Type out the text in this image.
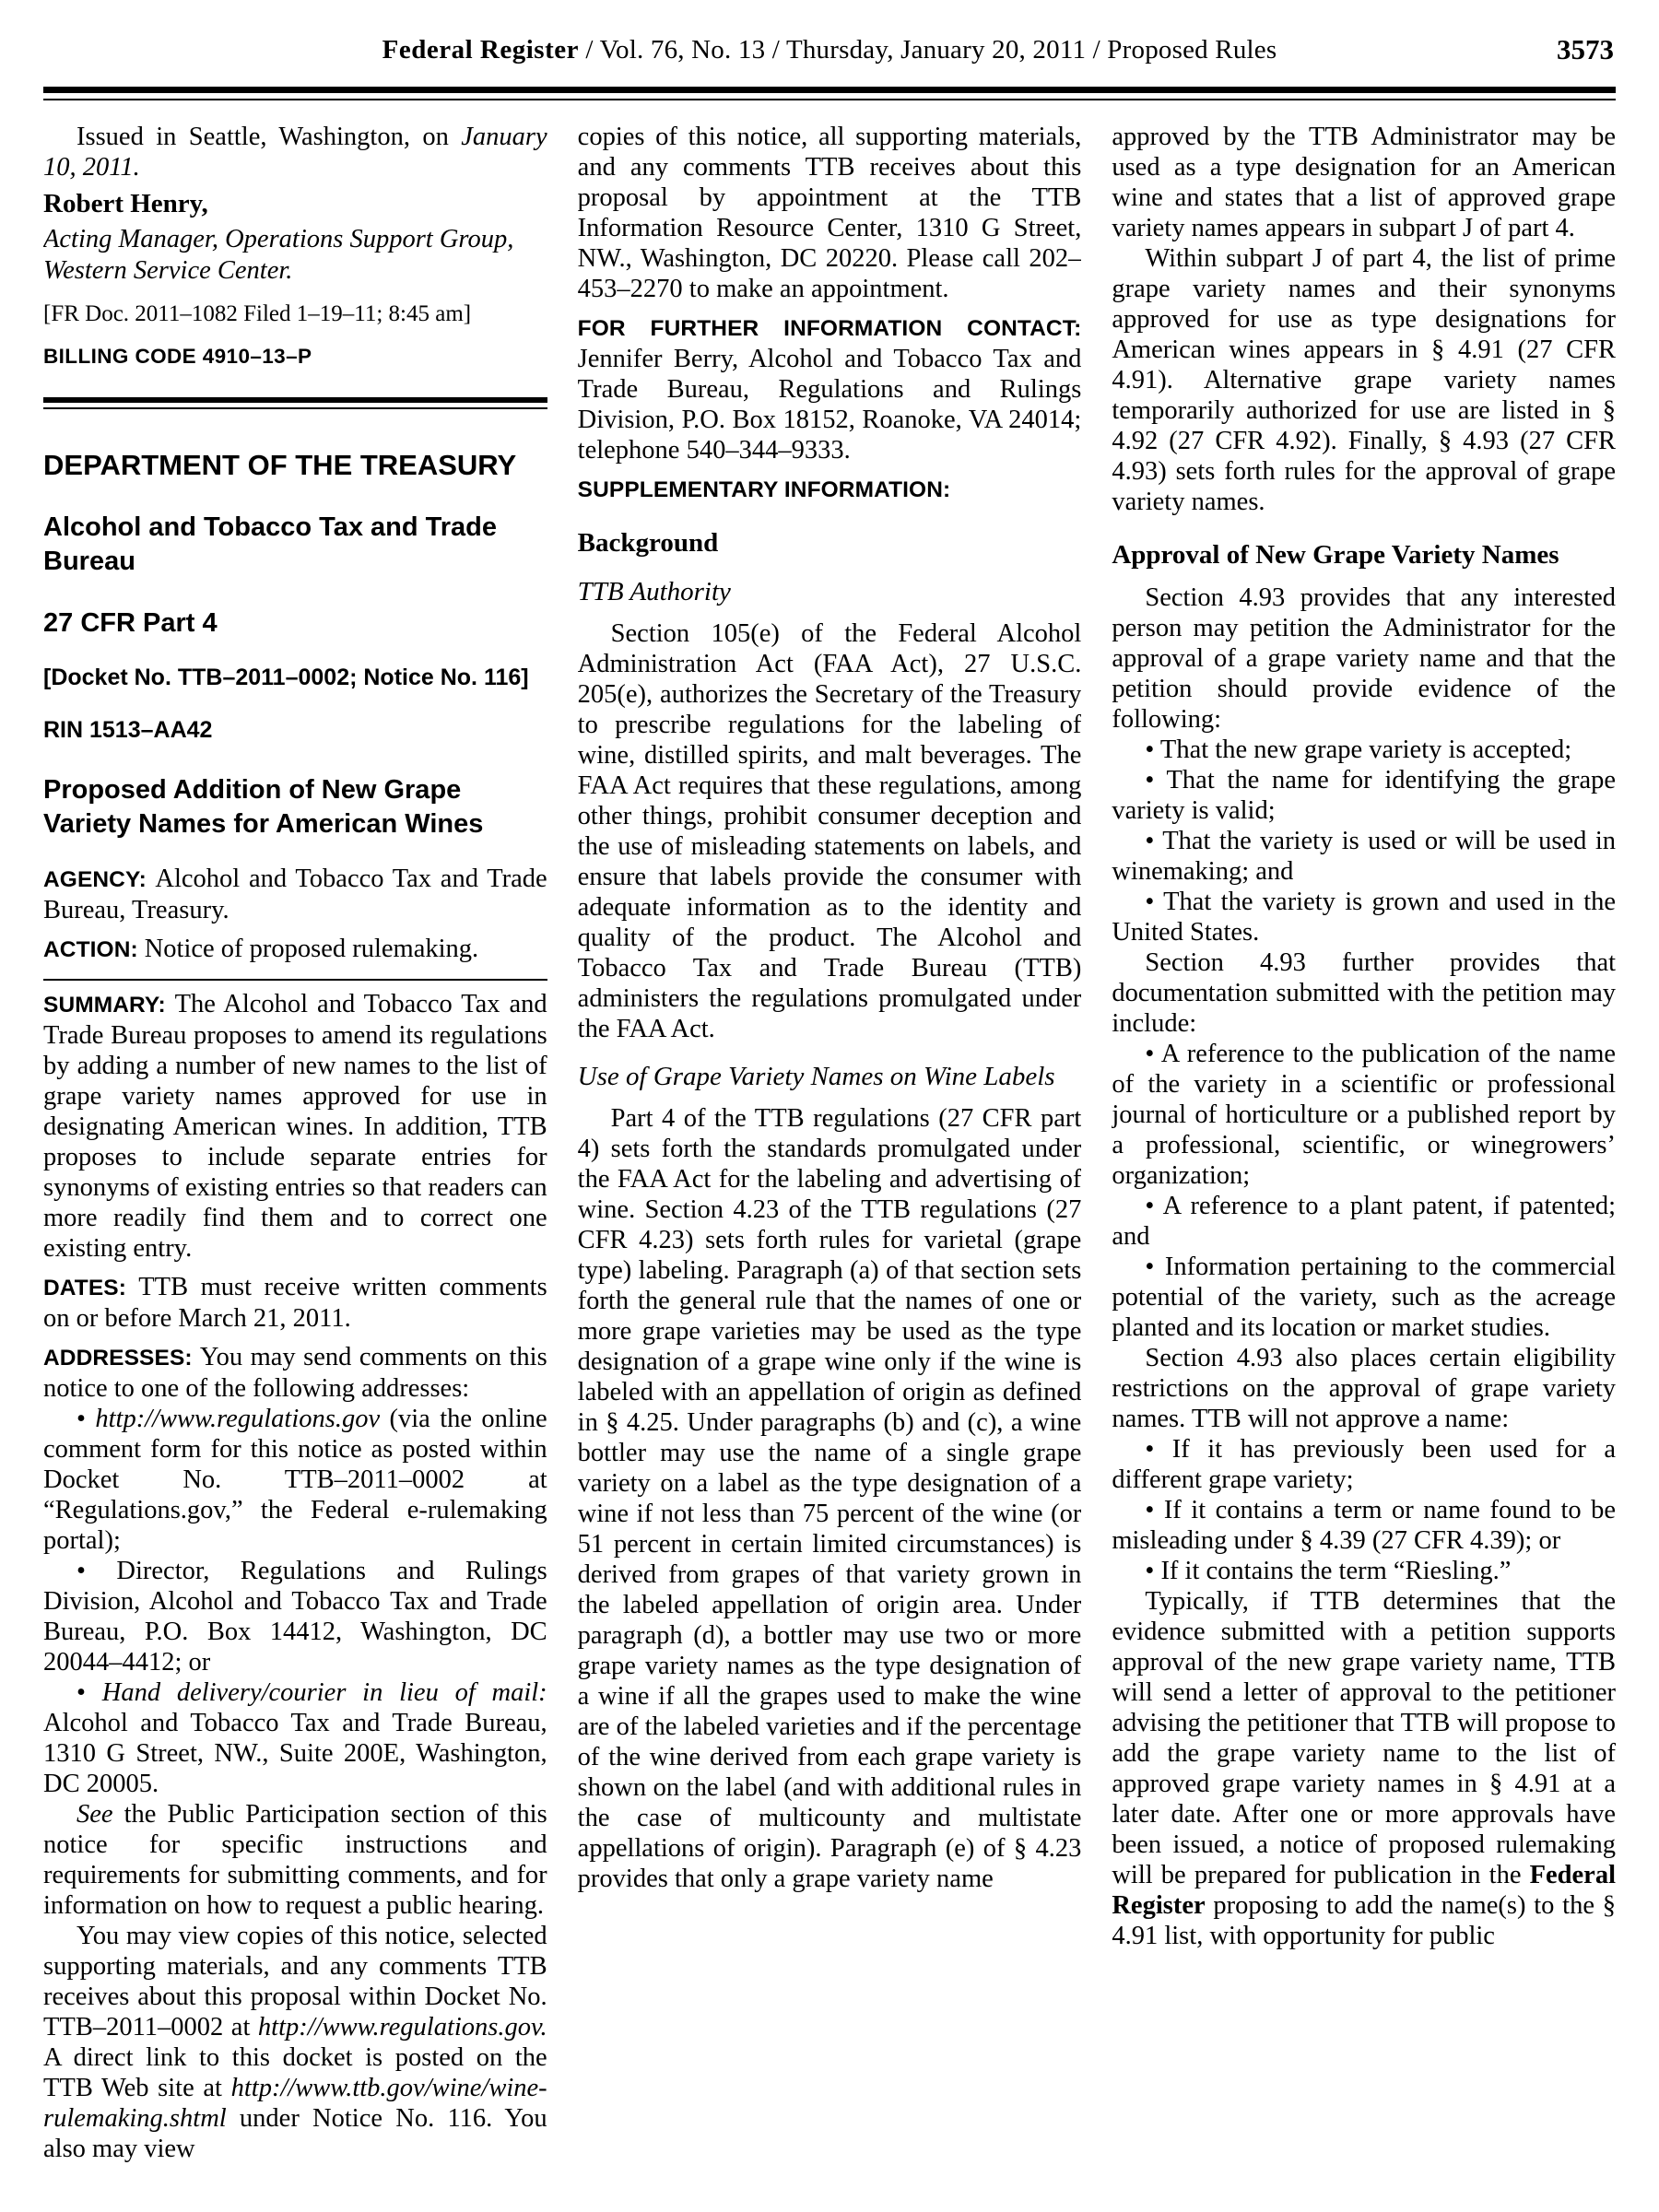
Federal Register / Vol. 76, No. 13 / Thursday, January 20, 2011 / Proposed Rules	3573

Issued in Seattle, Washington, on January 10, 2011.

Robert Henry,
Acting Manager, Operations Support Group, Western Service Center.
[FR Doc. 2011–1082 Filed 1–19–11; 8:45 am]
BILLING CODE 4910–13–P
DEPARTMENT OF THE TREASURY
Alcohol and Tobacco Tax and Trade Bureau
27 CFR Part 4
[Docket No. TTB–2011–0002; Notice No. 116]
RIN 1513–AA42
Proposed Addition of New Grape Variety Names for American Wines

AGENCY: Alcohol and Tobacco Tax and Trade Bureau, Treasury.

ACTION: Notice of proposed rulemaking.

SUMMARY: The Alcohol and Tobacco Tax and Trade Bureau proposes to amend its regulations by adding a number of new names to the list of grape variety names approved for use in designating American wines. In addition, TTB proposes to include separate entries for synonyms of existing entries so that readers can more readily find them and to correct one existing entry.

DATES: TTB must receive written comments on or before March 21, 2011.

ADDRESSES: You may send comments on this notice to one of the following addresses:

• http://www.regulations.gov (via the online comment form for this notice as posted within Docket No. TTB–2011–0002 at “Regulations.gov,” the Federal e-rulemaking portal);

• Director, Regulations and Rulings Division, Alcohol and Tobacco Tax and Trade Bureau, P.O. Box 14412, Washington, DC 20044–4412; or

• Hand delivery/courier in lieu of mail: Alcohol and Tobacco Tax and Trade Bureau, 1310 G Street, NW., Suite 200E, Washington, DC 20005.

See the Public Participation section of this notice for specific instructions and requirements for submitting comments, and for information on how to request a public hearing.

You may view copies of this notice, selected supporting materials, and any comments TTB receives about this proposal within Docket No. TTB–2011–0002 at http://www.regulations.gov. A direct link to this docket is posted on the TTB Web site at http://www.ttb.gov/wine/wine-rulemaking.shtml under Notice No. 116. You also may view

copies of this notice, all supporting materials, and any comments TTB receives about this proposal by appointment at the TTB Information Resource Center, 1310 G Street, NW., Washington, DC 20220. Please call 202–453–2270 to make an appointment.

FOR FURTHER INFORMATION CONTACT: Jennifer Berry, Alcohol and Tobacco Tax and Trade Bureau, Regulations and Rulings Division, P.O. Box 18152, Roanoke, VA 24014; telephone 540–344–9333.

SUPPLEMENTARY INFORMATION:

Background
TTB Authority

Section 105(e) of the Federal Alcohol Administration Act (FAA Act), 27 U.S.C. 205(e), authorizes the Secretary of the Treasury to prescribe regulations for the labeling of wine, distilled spirits, and malt beverages. The FAA Act requires that these regulations, among other things, prohibit consumer deception and the use of misleading statements on labels, and ensure that labels provide the consumer with adequate information as to the identity and quality of the product. The Alcohol and Tobacco Tax and Trade Bureau (TTB) administers the regulations promulgated under the FAA Act.

Use of Grape Variety Names on Wine Labels

Part 4 of the TTB regulations (27 CFR part 4) sets forth the standards promulgated under the FAA Act for the labeling and advertising of wine. Section 4.23 of the TTB regulations (27 CFR 4.23) sets forth rules for varietal (grape type) labeling. Paragraph (a) of that section sets forth the general rule that the names of one or more grape varieties may be used as the type designation of a grape wine only if the wine is labeled with an appellation of origin as defined in § 4.25. Under paragraphs (b) and (c), a wine bottler may use the name of a single grape variety on a label as the type designation of a wine if not less than 75 percent of the wine (or 51 percent in certain limited circumstances) is derived from grapes of that variety grown in the labeled appellation of origin area. Under paragraph (d), a bottler may use two or more grape variety names as the type designation of a wine if all the grapes used to make the wine are of the labeled varieties and if the percentage of the wine derived from each grape variety is shown on the label (and with additional rules in the case of multicounty and multistate appellations of origin). Paragraph (e) of § 4.23 provides that only a grape variety name

approved by the TTB Administrator may be used as a type designation for an American wine and states that a list of approved grape variety names appears in subpart J of part 4.

Within subpart J of part 4, the list of prime grape variety names and their synonyms approved for use as type designations for American wines appears in § 4.91 (27 CFR 4.91). Alternative grape variety names temporarily authorized for use are listed in § 4.92 (27 CFR 4.92). Finally, § 4.93 (27 CFR 4.93) sets forth rules for the approval of grape variety names.

Approval of New Grape Variety Names

Section 4.93 provides that any interested person may petition the Administrator for the approval of a grape variety name and that the petition should provide evidence of the following:

• That the new grape variety is accepted;

• That the name for identifying the grape variety is valid;

• That the variety is used or will be used in winemaking; and

• That the variety is grown and used in the United States.

Section 4.93 further provides that documentation submitted with the petition may include:

• A reference to the publication of the name of the variety in a scientific or professional journal of horticulture or a published report by a professional, scientific, or winegrowers’ organization;

• A reference to a plant patent, if patented; and

• Information pertaining to the commercial potential of the variety, such as the acreage planted and its location or market studies.

Section 4.93 also places certain eligibility restrictions on the approval of grape variety names. TTB will not approve a name:

• If it has previously been used for a different grape variety;

• If it contains a term or name found to be misleading under § 4.39 (27 CFR 4.39); or

• If it contains the term “Riesling.”

Typically, if TTB determines that the evidence submitted with a petition supports approval of the new grape variety name, TTB will send a letter of approval to the petitioner advising the petitioner that TTB will propose to add the grape variety name to the list of approved grape variety names in § 4.91 at a later date. After one or more approvals have been issued, a notice of proposed rulemaking will be prepared for publication in the Federal Register proposing to add the name(s) to the § 4.91 list, with opportunity for public
